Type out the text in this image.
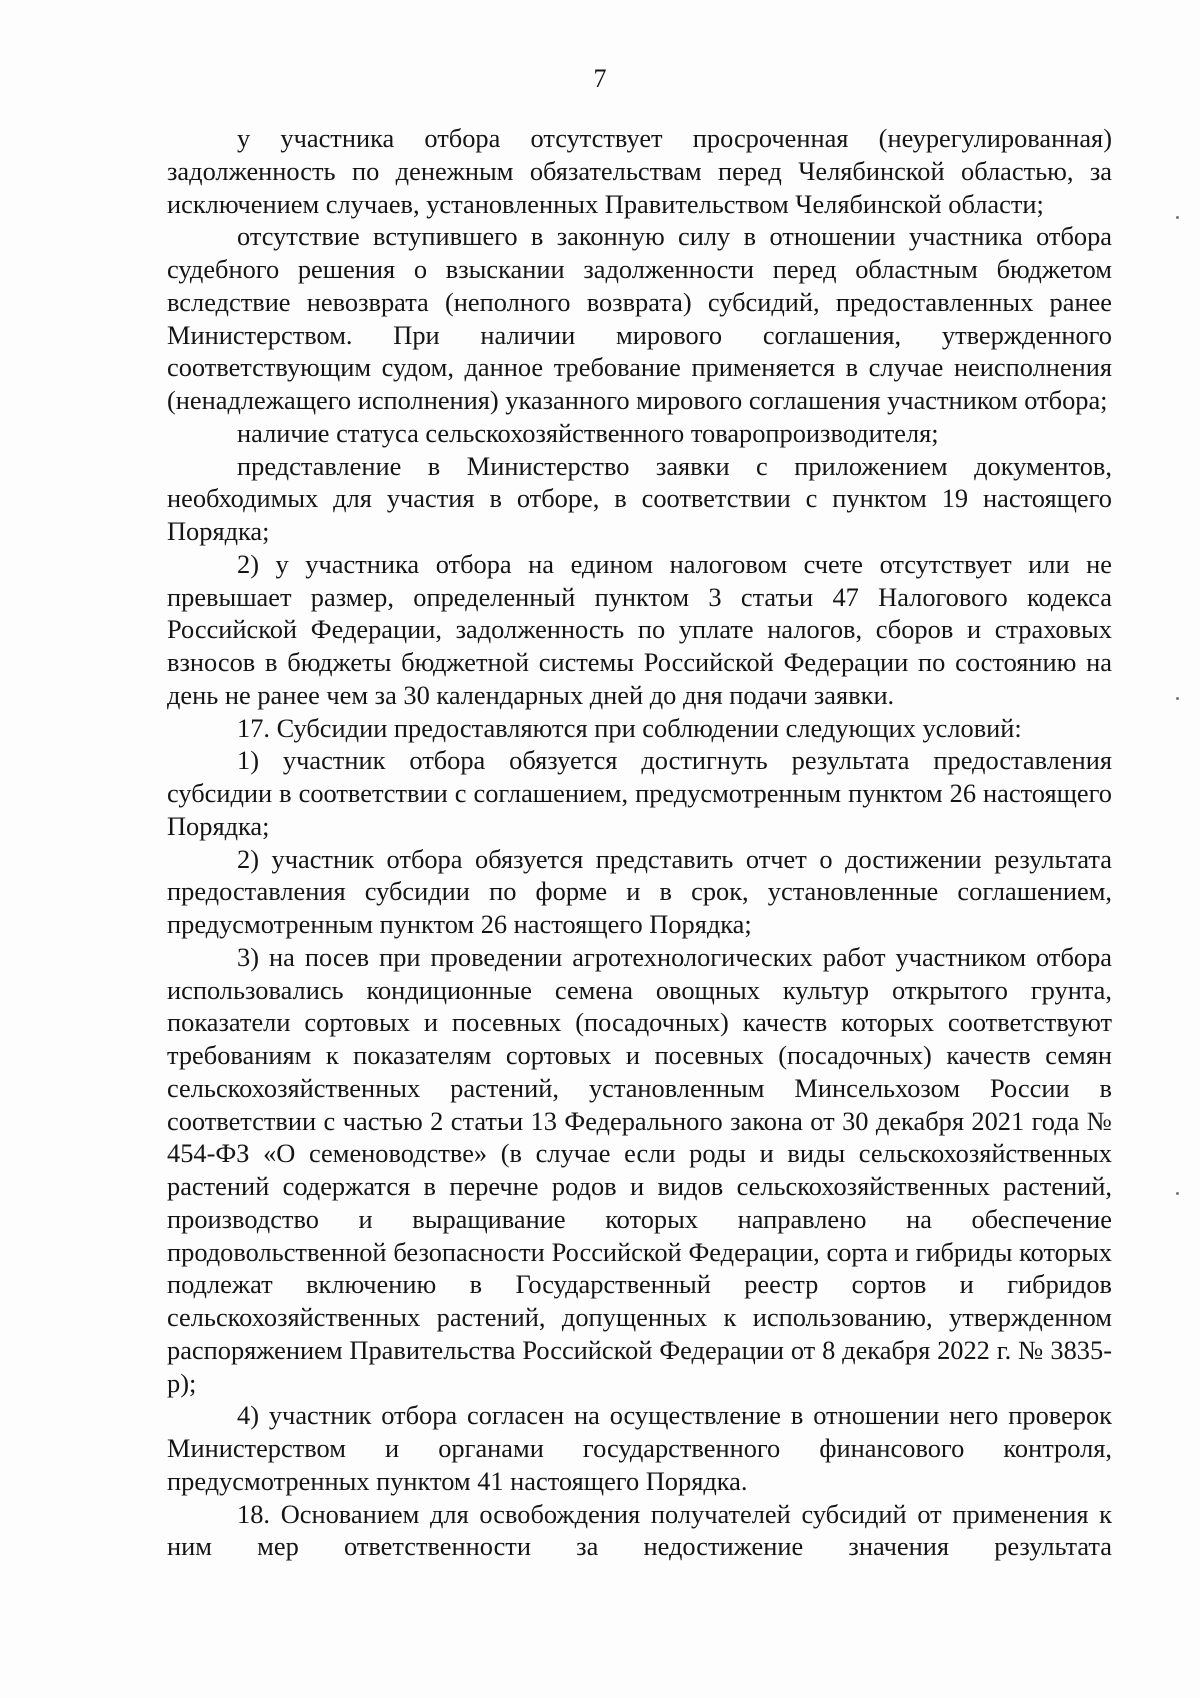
7

у участника отбора отсутствует просроченная (неурегулированная) задолженность по денежным обязательствам перед Челябинской областью, за исключением случаев, установленных Правительством Челябинской области;

отсутствие вступившего в законную силу в отношении участника отбора судебного решения о взыскании задолженности перед областным бюджетом вследствие невозврата (неполного возврата) субсидий, предоставленных ранее Министерством. При наличии мирового соглашения, утвержденного соответствующим судом, данное требование применяется в случае неисполнения (ненадлежащего исполнения) указанного мирового соглашения участником отбора;

наличие статуса сельскохозяйственного товаропроизводителя;

представление в Министерство заявки с приложением документов, необходимых для участия в отборе, в соответствии с пунктом 19 настоящего Порядка;

2) у участника отбора на едином налоговом счете отсутствует или не превышает размер, определенный пунктом 3 статьи 47 Налогового кодекса Российской Федерации, задолженность по уплате налогов, сборов и страховых взносов в бюджеты бюджетной системы Российской Федерации по состоянию на день не ранее чем за 30 календарных дней до дня подачи заявки.

17. Субсидии предоставляются при соблюдении следующих условий:

1) участник отбора обязуется достигнуть результата предоставления субсидии в соответствии с соглашением, предусмотренным пунктом 26 настоящего Порядка;

2) участник отбора обязуется представить отчет о достижении результата предоставления субсидии по форме и в срок, установленные соглашением, предусмотренным пунктом 26 настоящего Порядка;

3) на посев при проведении агротехнологических работ участником отбора использовались кондиционные семена овощных культур открытого грунта, показатели сортовых и посевных (посадочных) качеств которых соответствуют требованиям к показателям сортовых и посевных (посадочных) качеств семян сельскохозяйственных растений, установленным Минсельхозом России в соответствии с частью 2 статьи 13 Федерального закона от 30 декабря 2021 года № 454-ФЗ «О семеноводстве» (в случае если роды и виды сельскохозяйственных растений содержатся в перечне родов и видов сельскохозяйственных растений, производство и выращивание которых направлено на обеспечение продовольственной безопасности Российской Федерации, сорта и гибриды которых подлежат включению в Государственный реестр сортов и гибридов сельскохозяйственных растений, допущенных к использованию, утвержденном распоряжением Правительства Российской Федерации от 8 декабря 2022 г. № 3835-р);

4) участник отбора согласен на осуществление в отношении него проверок Министерством и органами государственного финансового контроля, предусмотренных пунктом 41 настоящего Порядка.

18. Основанием для освобождения получателей субсидий от применения к ним мер ответственности за недостижение значения результата
